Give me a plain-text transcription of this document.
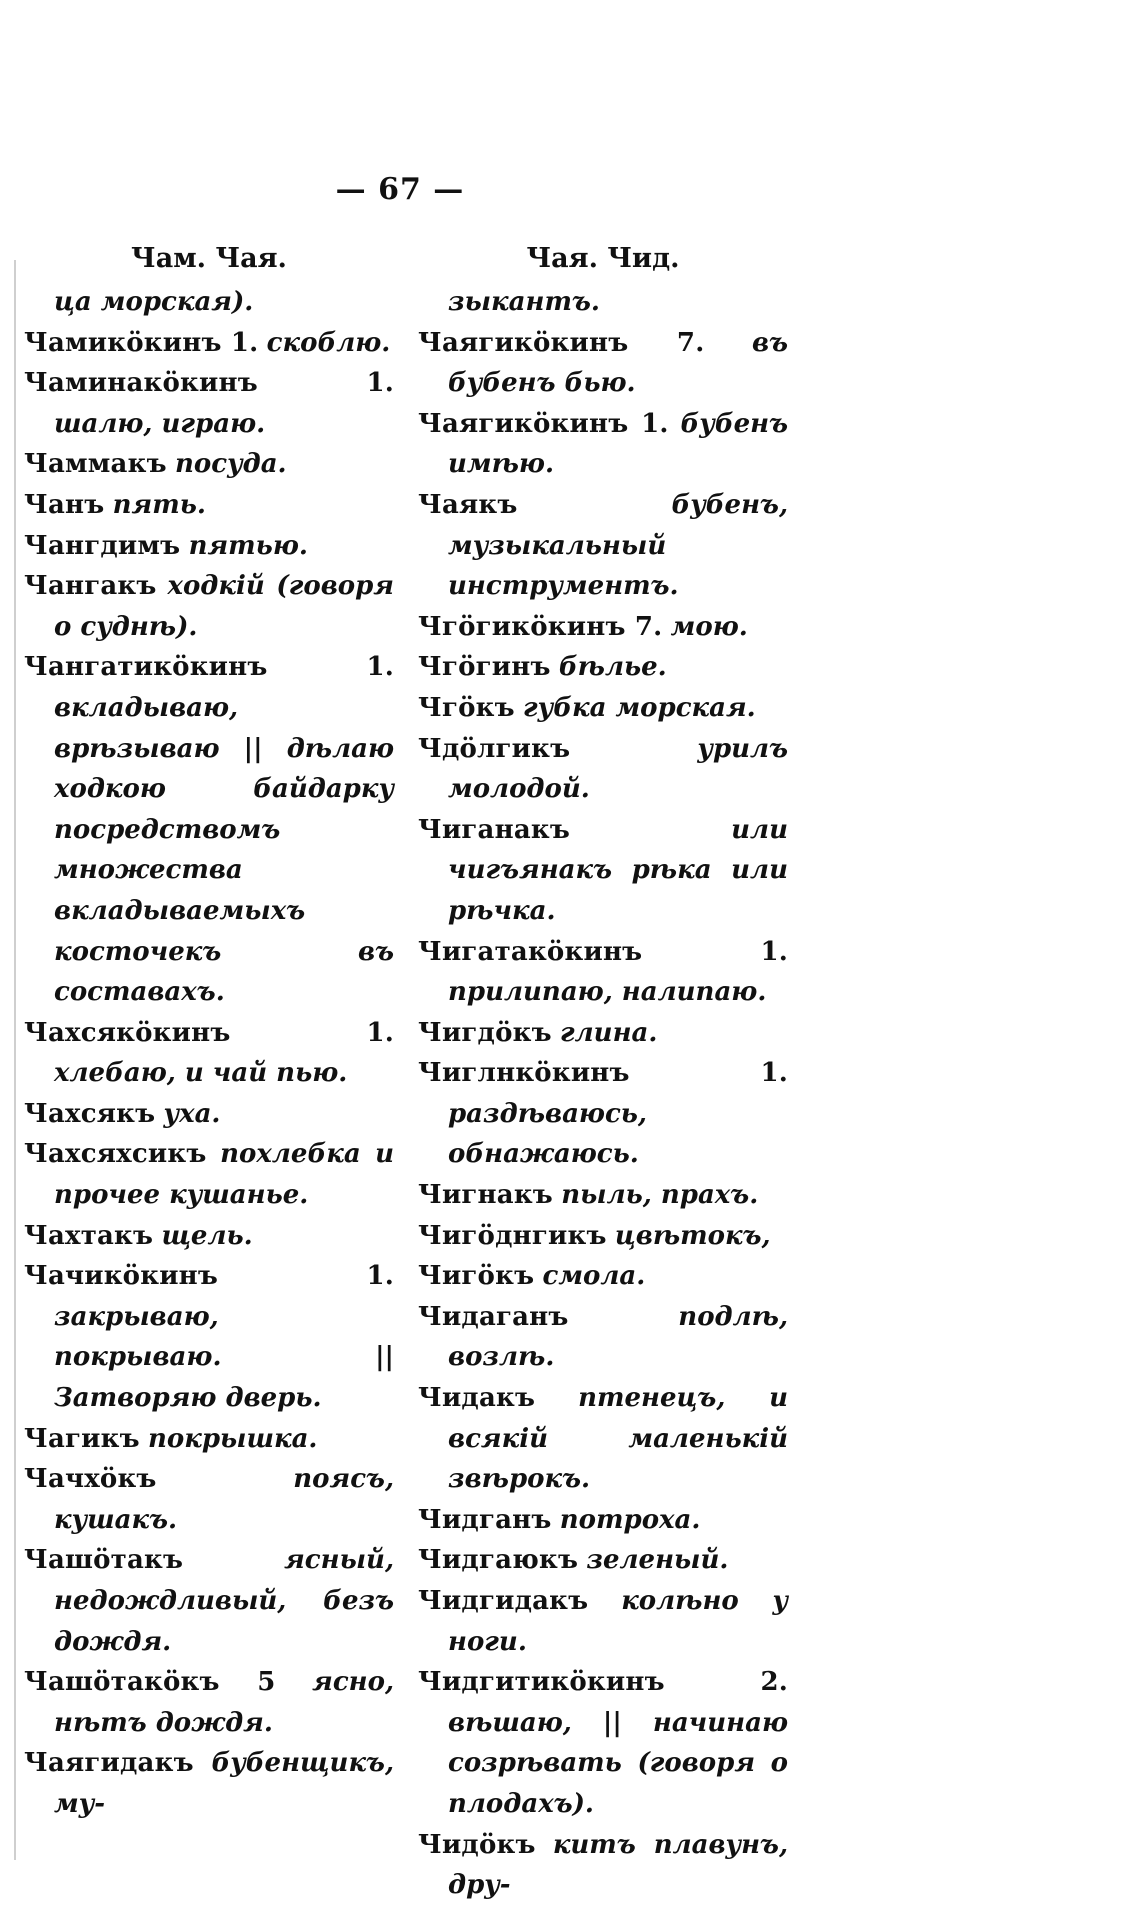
— 67 —
Чам. Чая.
ца морская).
Чамикӧкинъ 1. скоблю.
Чаминакӧкинъ 1. шалю, играю.
Чаммакъ посуда.
Чанъ пять.
Чангдимъ пятью.
Чангакъ ходкій (говоря о суднѣ).
Чангатикӧкинъ 1. вкладываю, врѣзываю || дѣлаю ходкою байдарку посредствомъ множества вкладываемыхъ косточекъ въ составахъ.
Чахсякӧкинъ 1. хлебаю, и чай пью.
Чахсякъ уха.
Чахсяхсикъ похлебка и прочее кушанье.
Чахтакъ щель.
Чачикӧкинъ 1. закрываю, покрываю. || Затворяю дверь.
Чагикъ покрышка.
Чачхӧкъ	поясъ, кушакъ.
Чашӧтакъ	ясный, недождливый, безъ дождя.
Чашӧтакӧкъ 5 ясно, нѣтъ дождя.
Чаягидакъ бубенщикъ, му-
Чая. Чид.
зыкантъ.
Чаягикӧкинъ 7. въ бубенъ бью.
Чаягикӧкинъ 1. бубенъ имѣю.
Чаякъ	бубенъ, музыкальный инструментъ.
Чгӧгикӧкинъ 7. мою.
Чгӧгинъ бѣлье.
Чгӧкъ губка морская.
Чдӧлгикъ	урилъ молодой.
Чиганакъ	или чигъянакъ рѣка или рѣчка.
Чигатакӧкинъ 1. прилипаю, налипаю.
Чигдӧкъ глина.
Чиглнкӧкинъ 1. раздѣваюсь, обнажаюсь.
Чигнакъ пыль, прахъ.
Чигӧднгикъ цвѣтокъ,
Чигӧкъ смола.
Чидаганъ	подлѣ, возлѣ.
Чидакъ птенецъ, и всякій маленькій звѣрокъ.
Чидганъ потроха.
Чидгаюкъ зеленый.
Чидгидакъ колѣно у ноги.
Чидгитикӧкинъ 2. вѣшаю, || начинаю созрѣвать (говоря о плодахъ).
Чидӧкъ китъ плавунъ, дру-
